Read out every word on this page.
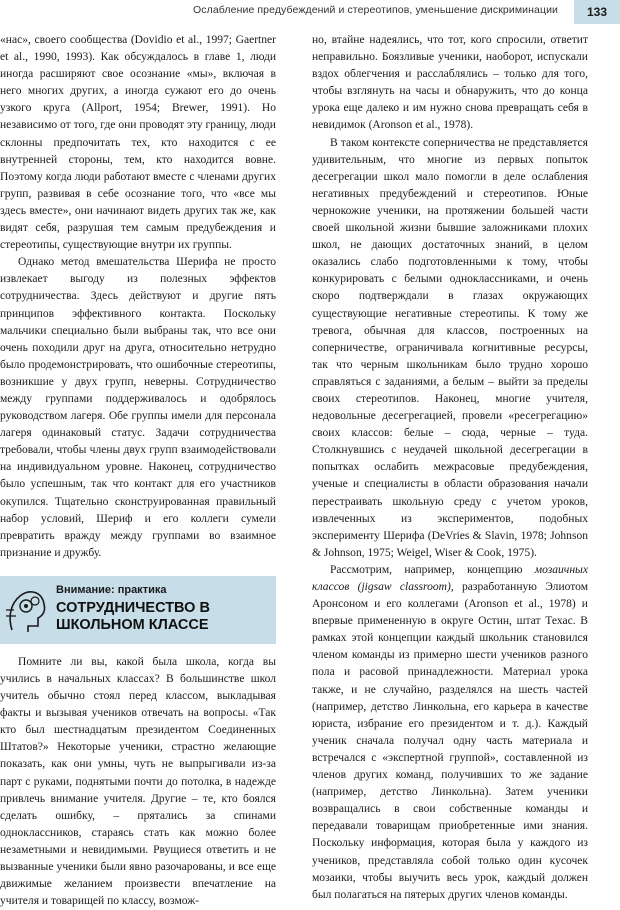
Ослабление предубеждений и стереотипов, уменьшение дискриминации	133

«нас», своего сообщества (Dovidio et al., 1997; Gaertner et al., 1990, 1993). Как обсуждалось в главе 1, люди иногда расширяют свое осознание «мы», включая в него многих других, а иногда сужают его до очень узкого круга (Allport, 1954; Brewer, 1991). Но независимо от того, где они проводят эту границу, люди склонны предпочитать тех, кто находится с ее внутренней стороны, тем, кто находится вовне. Поэтому когда люди работают вместе с членами других групп, развивая в себе осознание того, что «все мы здесь вместе», они начинают видеть других так же, как видят себя, разрушая тем самым предубеждения и стереотипы, существующие внутри их группы.

Однако метод вмешательства Шерифа не просто извлекает выгоду из полезных эффектов сотрудничества. Здесь действуют и другие пять принципов эффективного контакта. Поскольку мальчики специально были выбраны так, что все они очень походили друг на друга, относительно нетрудно было продемонстрировать, что ошибочные стереотипы, возникшие у двух групп, неверны. Сотрудничество между группами поддерживалось и одобрялось руководством лагеря. Обе группы имели для персонала лагеря одинаковый статус. Задачи сотрудничества требовали, чтобы члены двух групп взаимодействовали на индивидуальном уровне. Наконец, сотрудничество было успешным, так что контакт для его участников окупился. Тщательно сконструированная правильный набор условий, Шериф и его коллеги сумели превратить вражду между группами во взаимное признание и дружбу.

Внимание: практика
СОТРУДНИЧЕСТВО В ШКОЛЬНОМ КЛАССЕ

Помните ли вы, какой была школа, когда вы учились в начальных классах? В большинстве школ учитель обычно стоял перед классом, выкладывая факты и вызывая учеников отвечать на вопросы. «Так кто был шестнадцатым президентом Соединенных Штатов?» Некоторые ученики, страстно желающие показать, как они умны, чуть не выпрыгивали из-за парт с руками, поднятыми почти до потолка, в надежде привлечь внимание учителя. Другие – те, кто боялся сделать ошибку, – прятались за спинами одноклассников, стараясь стать как можно более незаметными и невидимыми. Рвущиеся ответить и не вызванные ученики были явно разочарованы, и все еще движимые желанием произвести впечатление на учителя и товарищей по классу, возмож-

но, втайне надеялись, что тот, кого спросили, ответит неправильно. Боязливые ученики, наоборот, испускали вздох облегчения и расслаблялись – только для того, чтобы взглянуть на часы и обнаружить, что до конца урока еще далеко и им нужно снова превращать себя в невидимок (Aronson et al., 1978).

В таком контексте соперничества не представляется удивительным, что многие из первых попыток десегрегации школ мало помогли в деле ослабления негативных предубеждений и стереотипов. Юные чернокожие ученики, на протяжении большей части своей школьной жизни бывшие заложниками плохих школ, не дающих достаточных знаний, в целом оказались слабо подготовленными к тому, чтобы конкурировать с белыми одноклассниками, и очень скоро подтверждали в глазах окружающих существующие негативные стереотипы. К тому же тревога, обычная для классов, построенных на соперничестве, ограничивала когнитивные ресурсы, так что черным школьникам было трудно хорошо справляться с заданиями, а белым – выйти за пределы своих стереотипов. Наконец, многие учителя, недовольные десегрегацией, провели «ресегрегацию» своих классов: белые – сюда, черные – туда. Столкнувшись с неудачей школьной десегрегации в попытках ослабить межрасовые предубеждения, ученые и специалисты в области образования начали перестраивать школьную среду с учетом уроков, извлеченных из экспериментов, подобных эксперименту Шерифа (DeVries & Slavin, 1978; Johnson & Johnson, 1975; Weigel, Wiser & Cook, 1975).

Рассмотрим, например, концепцию мозаичных классов (jigsaw classroom), разработанную Элиотом Аронсоном и его коллегами (Aronson et al., 1978) и впервые примененную в округе Остин, штат Техас. В рамках этой концепции каждый школьник становился членом команды из примерно шести учеников разного пола и расовой принадлежности. Материал урока также, и не случайно, разделялся на шесть частей (например, детство Линкольна, его карьера в качестве юриста, избрание его президентом и т. д.). Каждый ученик сначала получал одну часть материала и встречался с «экспертной группой», составленной из членов других команд, получивших то же задание (например, детство Линкольна). Затем ученики возвращались в свои собственные команды и передавали товарищам приобретенные ими знания. Поскольку информация, которая была у каждого из учеников, представляла собой только один кусочек мозаики, чтобы выучить весь урок, каждый должен был полагаться на пятерых других членов команды.
